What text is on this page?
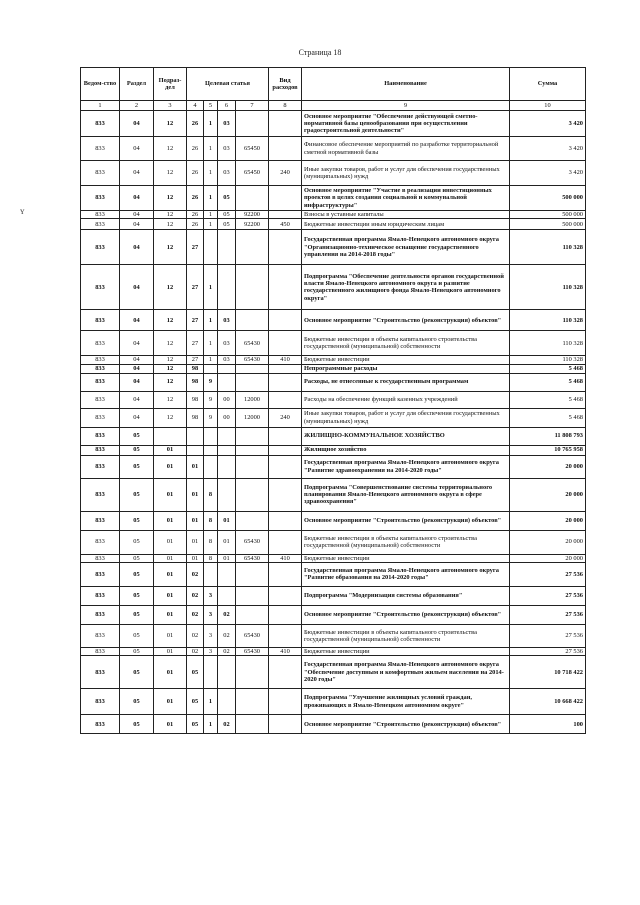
Страница 18
ʏ
Ведом-ство	Раздел	Подраз-дел	Целевая статья				Вид расходов	Наименование	Сумма
1	2	3	4	5	6	7	8	9	10
833	04	12	26	1	03			Основное мероприятие "Обеспечение действующей сметно-нормативной базы ценообразования при осуществлении градостроительной деятельности"	3 420
833	04	12	26	1	03	65450		Финансовое обеспечение мероприятий по разработке территориальной сметной нормативной базы	3 420
833	04	12	26	1	03	65450	240	Иные закупки товаров, работ и услуг для обеспечения государственных (муниципальных) нужд	3 420
833	04	12	26	1	05			Основное мероприятие "Участие в реализации инвестиционных проектов в целях создания социальной и коммунальной инфраструктуры"	500 000
833	04	12	26	1	05	92200		Взносы в уставные капиталы	500 000
833	04	12	26	1	05	92200	450	Бюджетные инвестиции иным юридическим лицам	500 000
833	04	12	27					Государственная программа Ямало-Ненецкого автономного округа "Организационно-техническое оснащение государственного управления на 2014-2018 годы"	110 328
833	04	12	27	1				Подпрограмма "Обеспечение деятельности органов государственной власти Ямало-Ненецкого автономного округа и развитие государственного жилищного фонда Ямало-Ненецкого автономного округа"	110 328
833	04	12	27	1	03			Основное мероприятие "Строительство (реконструкция) объектов"	110 328
833	04	12	27	1	03	65430		Бюджетные инвестиции в объекты капитального строительства государственной (муниципальной) собственности	110 328
833	04	12	27	1	03	65430	410	Бюджетные инвестиции	110 328
833	04	12	98					Непрограммные расходы	5 468
833	04	12	98	9				Расходы, не отнесенные к государственным программам	5 468
833	04	12	98	9	00	12000		Расходы на обеспечение функций казенных учреждений	5 468
833	04	12	98	9	00	12000	240	Иные закупки товаров, работ и услуг для обеспечения государственных (муниципальных) нужд	5 468
833	05							ЖИЛИЩНО-КОММУНАЛЬНОЕ ХОЗЯЙСТВО	11 808 793
833	05	01						Жилищное хозяйство	10 765 958
833	05	01	01					Государственная программа Ямало-Ненецкого автономного округа "Развитие здравоохранения на 2014-2020 годы"	20 000
833	05	01	01	8				Подпрограмма "Совершенствование системы территориального планирования Ямало-Ненецкого автономного округа в сфере здравоохранения"	20 000
833	05	01	01	8	01			Основное мероприятие "Строительство (реконструкция) объектов"	20 000
833	05	01	01	8	01	65430		Бюджетные инвестиции в объекты капитального строительства государственной (муниципальной) собственности	20 000
833	05	01	01	8	01	65430	410	Бюджетные инвестиции	20 000
833	05	01	02					Государственная программа Ямало-Ненецкого автономного округа "Развитие образования на 2014-2020 годы"	27 536
833	05	01	02	3				Подпрограмма "Модернизация системы образования"	27 536
833	05	01	02	3	02			Основное мероприятие "Строительство (реконструкция) объектов"	27 536
833	05	01	02	3	02	65430		Бюджетные инвестиции в объекты капитального строительства государственной (муниципальной) собственности	27 536
833	05	01	02	3	02	65430	410	Бюджетные инвестиции	27 536
833	05	01	05					Государственная программа Ямало-Ненецкого автономного округа "Обеспечение доступным и комфортным жильем населения на 2014-2020 годы"	10 718 422
833	05	01	05	1				Подпрограмма "Улучшение жилищных условий граждан, проживающих в Ямало-Ненецком автономном округе"	10 668 422
833	05	01	05	1	02			Основное мероприятие "Строительство (реконструкция) объектов"	100
